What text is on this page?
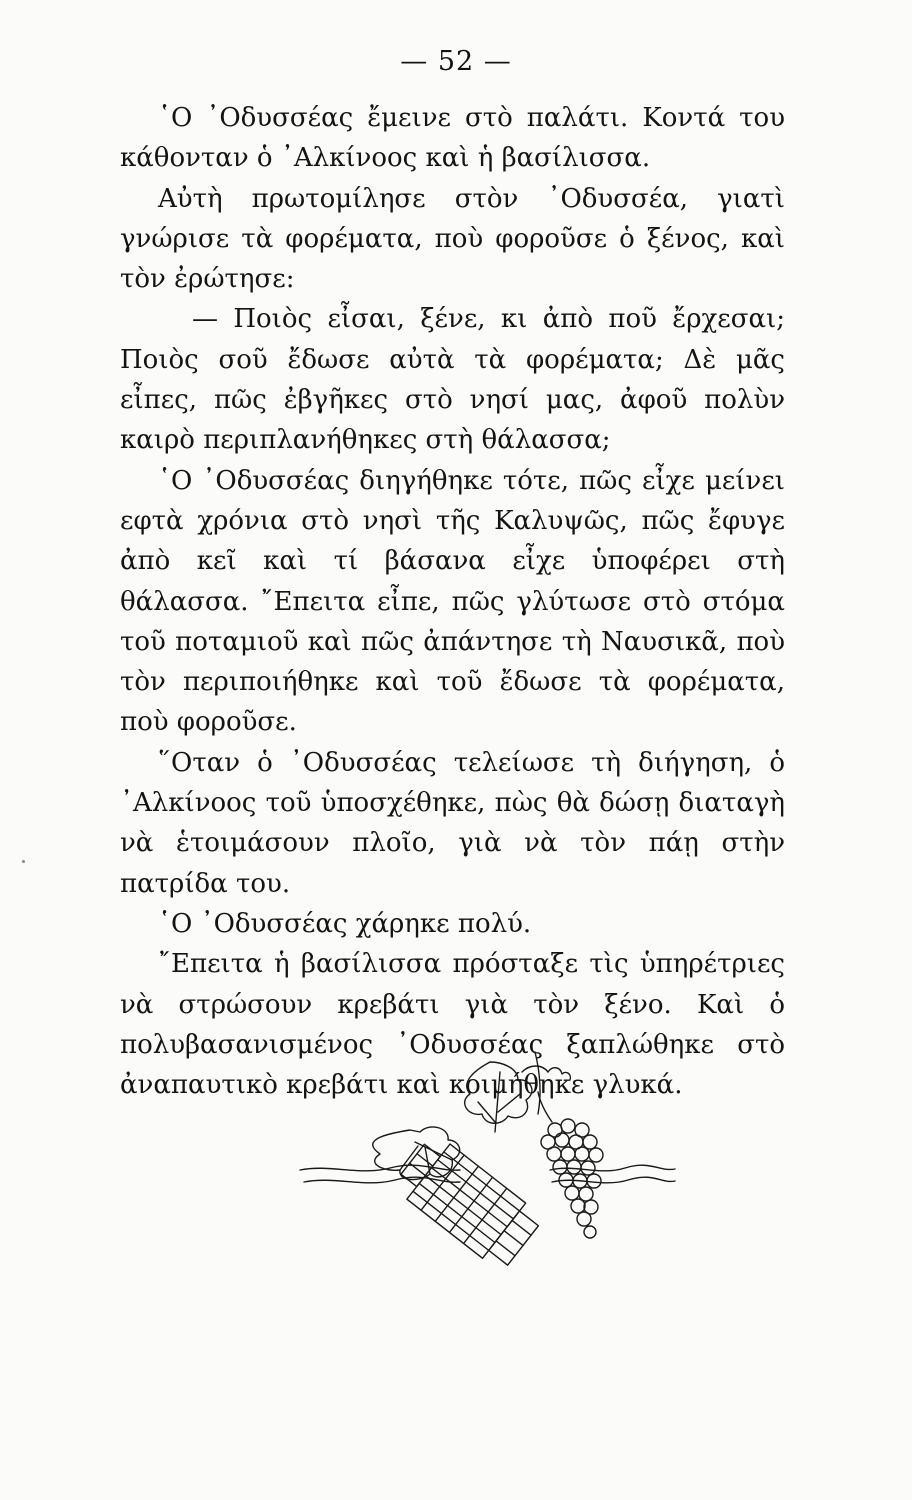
— 52 —

῾Ο ᾿Οδυσσέας ἔμεινε στὸ παλάτι. Κοντά του κάθονταν ὁ ᾿Αλκίνοος καὶ ἡ βασίλισσα.

Αὐτὴ πρωτομίλησε στὸν ᾿Οδυσσέα, γιατὶ γνώρισε τὰ φορέματα, ποὺ φοροῦσε ὁ ξένος, καὶ τὸν ἐρώτησε:

— Ποιὸς εἶσαι, ξένε, κι ἀπὸ ποῦ ἔρχεσαι; Ποιὸς σοῦ ἔδωσε αὐτὰ τὰ φορέματα; Δὲ μᾶς εἶπες, πῶς ἐβγῆκες στὸ νησί μας, ἀφοῦ πολὺν καιρὸ περιπλανήθηκες στὴ θάλασσα;

῾Ο ᾿Οδυσσέας διηγήθηκε τότε, πῶς εἶχε μείνει εφτὰ χρόνια στὸ νησὶ τῆς Καλυψῶς, πῶς ἔφυγε ἀπὸ κεῖ καὶ τί βάσανα εἶχε ὑποφέρει στὴ θάλασσα. ῎Επειτα εἶπε, πῶς γλύτωσε στὸ στόμα τοῦ ποταμιοῦ καὶ πῶς ἀπάντησε τὴ Ναυσικᾶ, ποὺ τὸν περιποιήθηκε καὶ τοῦ ἔδωσε τὰ φορέματα, ποὺ φοροῦσε.

῞Οταν ὁ ᾿Οδυσσέας τελείωσε τὴ διήγηση, ὁ ᾿Αλκίνοος τοῦ ὑποσχέθηκε, πὼς θὰ δώσῃ διαταγὴ νὰ ἑτοιμάσουν πλοῖο, γιὰ νὰ τὸν πάῃ στὴν πατρίδα του.

῾Ο ᾿Οδυσσέας χάρηκε πολύ.

῎Επειτα ἡ βασίλισσα πρόσταξε τὶς ὑπηρέτριες νὰ στρώσουν κρεβάτι γιὰ τὸν ξένο. Καὶ ὁ πολυβασανισμένος ᾿Οδυσσέας ξαπλώθηκε στὸ ἀναπαυτικὸ κρεβάτι καὶ κοιμήθηκε γλυκά.
